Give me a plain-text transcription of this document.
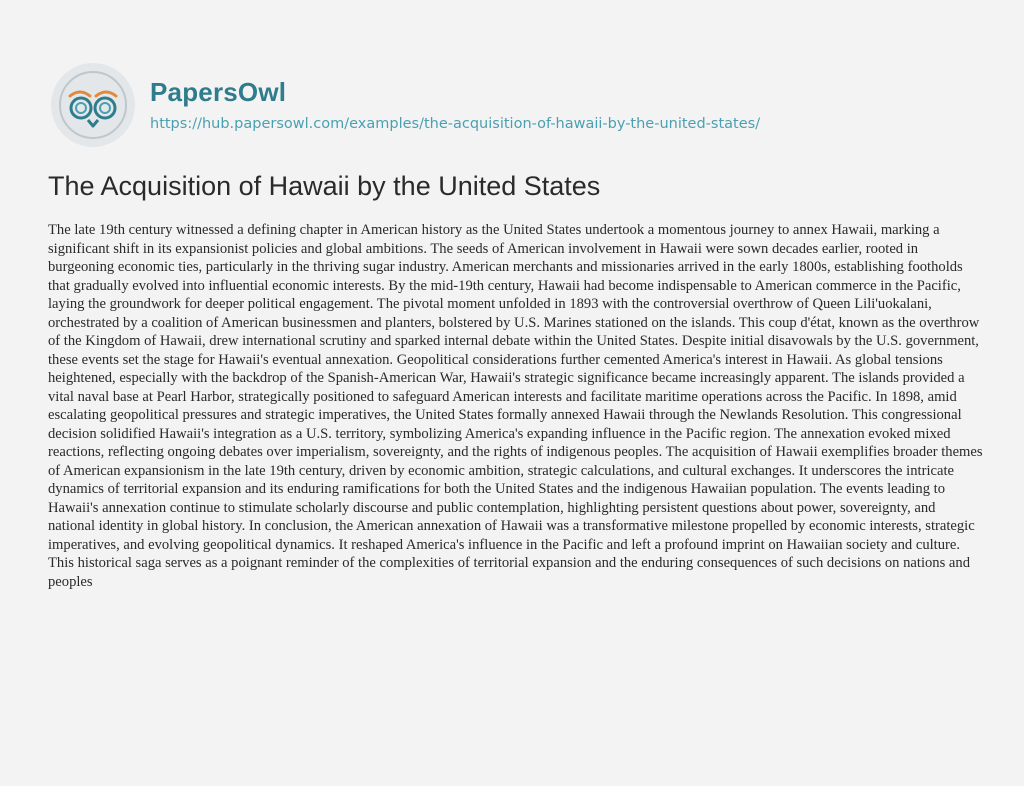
PapersOwl
https://hub.papersowl.com/examples/the-acquisition-of-hawaii-by-the-united-states/
The Acquisition of Hawaii by the United States

The late 19th century witnessed a defining chapter in American history as the United States undertook a momentous journey to annex Hawaii, marking a significant shift in its expansionist policies and global ambitions. The seeds of American involvement in Hawaii were sown decades earlier, rooted in burgeoning economic ties, particularly in the thriving sugar industry. American merchants and missionaries arrived in the early 1800s, establishing footholds that gradually evolved into influential economic interests. By the mid-19th century, Hawaii had become indispensable to American commerce in the Pacific, laying the groundwork for deeper political engagement. The pivotal moment unfolded in 1893 with the controversial overthrow of Queen Lili'uokalani, orchestrated by a coalition of American businessmen and planters, bolstered by U.S. Marines stationed on the islands. This coup d'état, known as the overthrow of the Kingdom of Hawaii, drew international scrutiny and sparked internal debate within the United States. Despite initial disavowals by the U.S. government, these events set the stage for Hawaii's eventual annexation. Geopolitical considerations further cemented America's interest in Hawaii. As global tensions heightened, especially with the backdrop of the Spanish-American War, Hawaii's strategic significance became increasingly apparent. The islands provided a vital naval base at Pearl Harbor, strategically positioned to safeguard American interests and facilitate maritime operations across the Pacific. In 1898, amid escalating geopolitical pressures and strategic imperatives, the United States formally annexed Hawaii through the Newlands Resolution. This congressional decision solidified Hawaii's integration as a U.S. territory, symbolizing America's expanding influence in the Pacific region. The annexation evoked mixed reactions, reflecting ongoing debates over imperialism, sovereignty, and the rights of indigenous peoples. The acquisition of Hawaii exemplifies broader themes of American expansionism in the late 19th century, driven by economic ambition, strategic calculations, and cultural exchanges. It underscores the intricate dynamics of territorial expansion and its enduring ramifications for both the United States and the indigenous Hawaiian population. The events leading to Hawaii's annexation continue to stimulate scholarly discourse and public contemplation, highlighting persistent questions about power, sovereignty, and national identity in global history. In conclusion, the American annexation of Hawaii was a transformative milestone propelled by economic interests, strategic imperatives, and evolving geopolitical dynamics. It reshaped America's influence in the Pacific and left a profound imprint on Hawaiian society and culture. This historical saga serves as a poignant reminder of the complexities of territorial expansion and the enduring consequences of such decisions on nations and peoples
